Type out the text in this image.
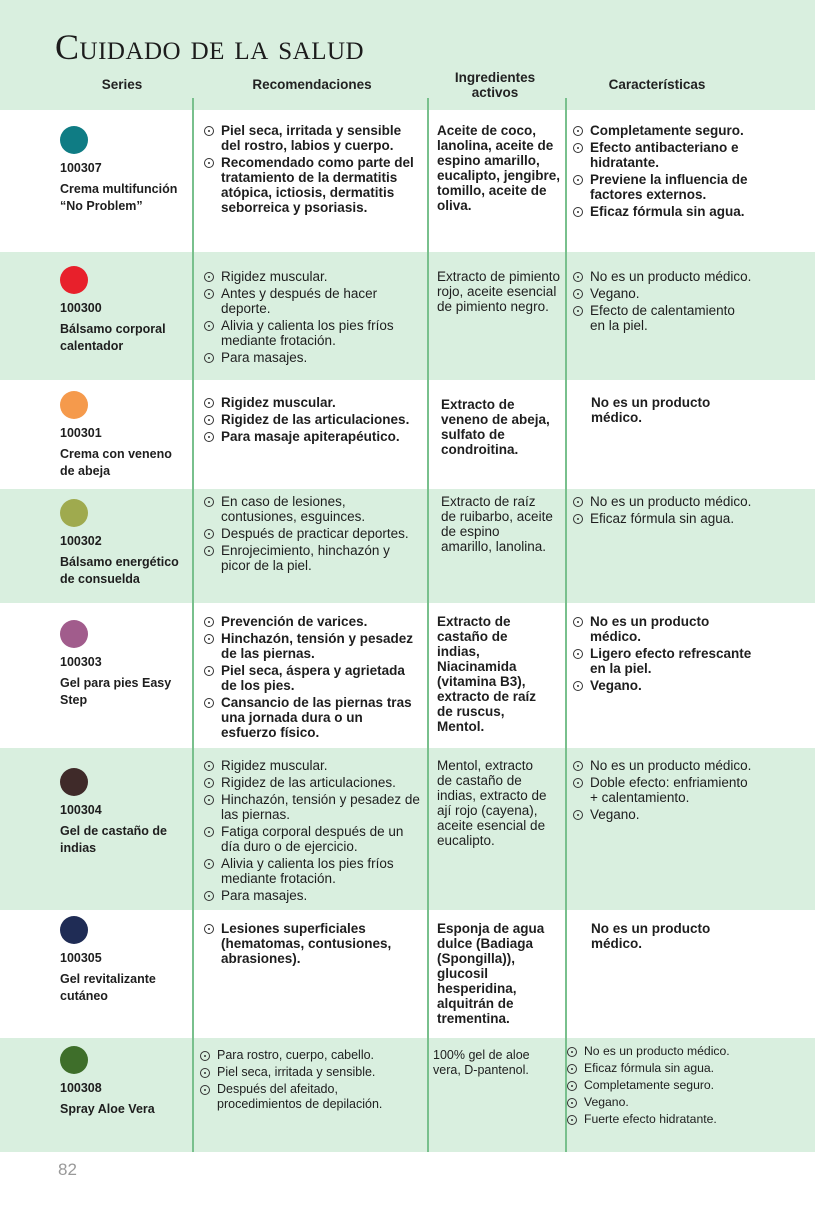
Cuidado de la salud
Series	Recomendaciones	Ingredientes activos
Características
100307
Crema multifunción “No Problem”
Piel seca, irritada y sensible del rostro, labios y cuerpo.
Recomendado como parte del tratamiento de la dermatitis atópica, ictiosis, dermatitis seborreica y psoriasis.
Aceite de coco, lanolina, aceite de espino amarillo, eucalipto, jengibre, tomillo, aceite de oliva.
Completamente seguro.
Efecto antibacteriano e hidratante.
Previene la influencia de factores externos.
Eficaz fórmula sin agua.
100300
Bálsamo corporal calentador
Rigidez muscular.
Antes y después de hacer deporte.
Alivia y calienta los pies fríos mediante frotación.
Para masajes.
Extracto de pimiento rojo, aceite esencial de pimiento negro.
No es un producto médico.
Vegano.
Efecto de calentamiento en la piel.
100301
Crema con veneno de abeja
Rigidez muscular.
Rigidez de las articulaciones.
Para masaje apiterapéutico.
Extracto de veneno de abeja, sulfato de condroitina.
No es un producto médico.
100302
Bálsamo energético de consuelda
En caso de lesiones, contusiones, esguinces.
Después de practicar deportes.
Enrojecimiento, hinchazón y picor de la piel.
Extracto de raíz de ruibarbo, aceite de espino amarillo, lanolina.
No es un producto médico.
Eficaz fórmula sin agua.
100303
Gel para pies Easy Step
Prevención de varices.
Hinchazón, tensión y pesadez de las piernas.
Piel seca, áspera y agrietada de los pies.
Cansancio de las piernas tras una jornada dura o un esfuerzo físico.
Extracto de castaño de indias, Niacinamida (vitamina B3), extracto de raíz de ruscus, Mentol.
No es un producto médico.
Ligero efecto refrescante en la piel.
Vegano.
100304
Gel de castaño de indias
Rigidez muscular.
Rigidez de las articulaciones.
Hinchazón, tensión y pesadez de las piernas.
Fatiga corporal después de un día duro o de ejercicio.
Alivia y calienta los pies fríos mediante frotación.
Para masajes.
Mentol, extracto de castaño de indias, extracto de ají rojo (cayena), aceite esencial de eucalipto.
No es un producto médico.
Doble efecto: enfriamiento + calentamiento.
Vegano.
100305
Gel revitalizante cutáneo
Lesiones superficiales (hematomas, contusiones, abrasiones).
Esponja de agua dulce (Badiaga (Spongilla)), glucosil hesperidina, alquitrán de trementina.
No es un producto médico.
100308
Spray Aloe Vera
Para rostro, cuerpo, cabello.
Piel seca, irritada y sensible.
Después del afeitado, procedimientos de depilación.
100% gel de aloe vera, D-pantenol.
No es un producto médico.
Eficaz fórmula sin agua.
Completamente seguro.
Vegano.
Fuerte efecto hidratante.
82
